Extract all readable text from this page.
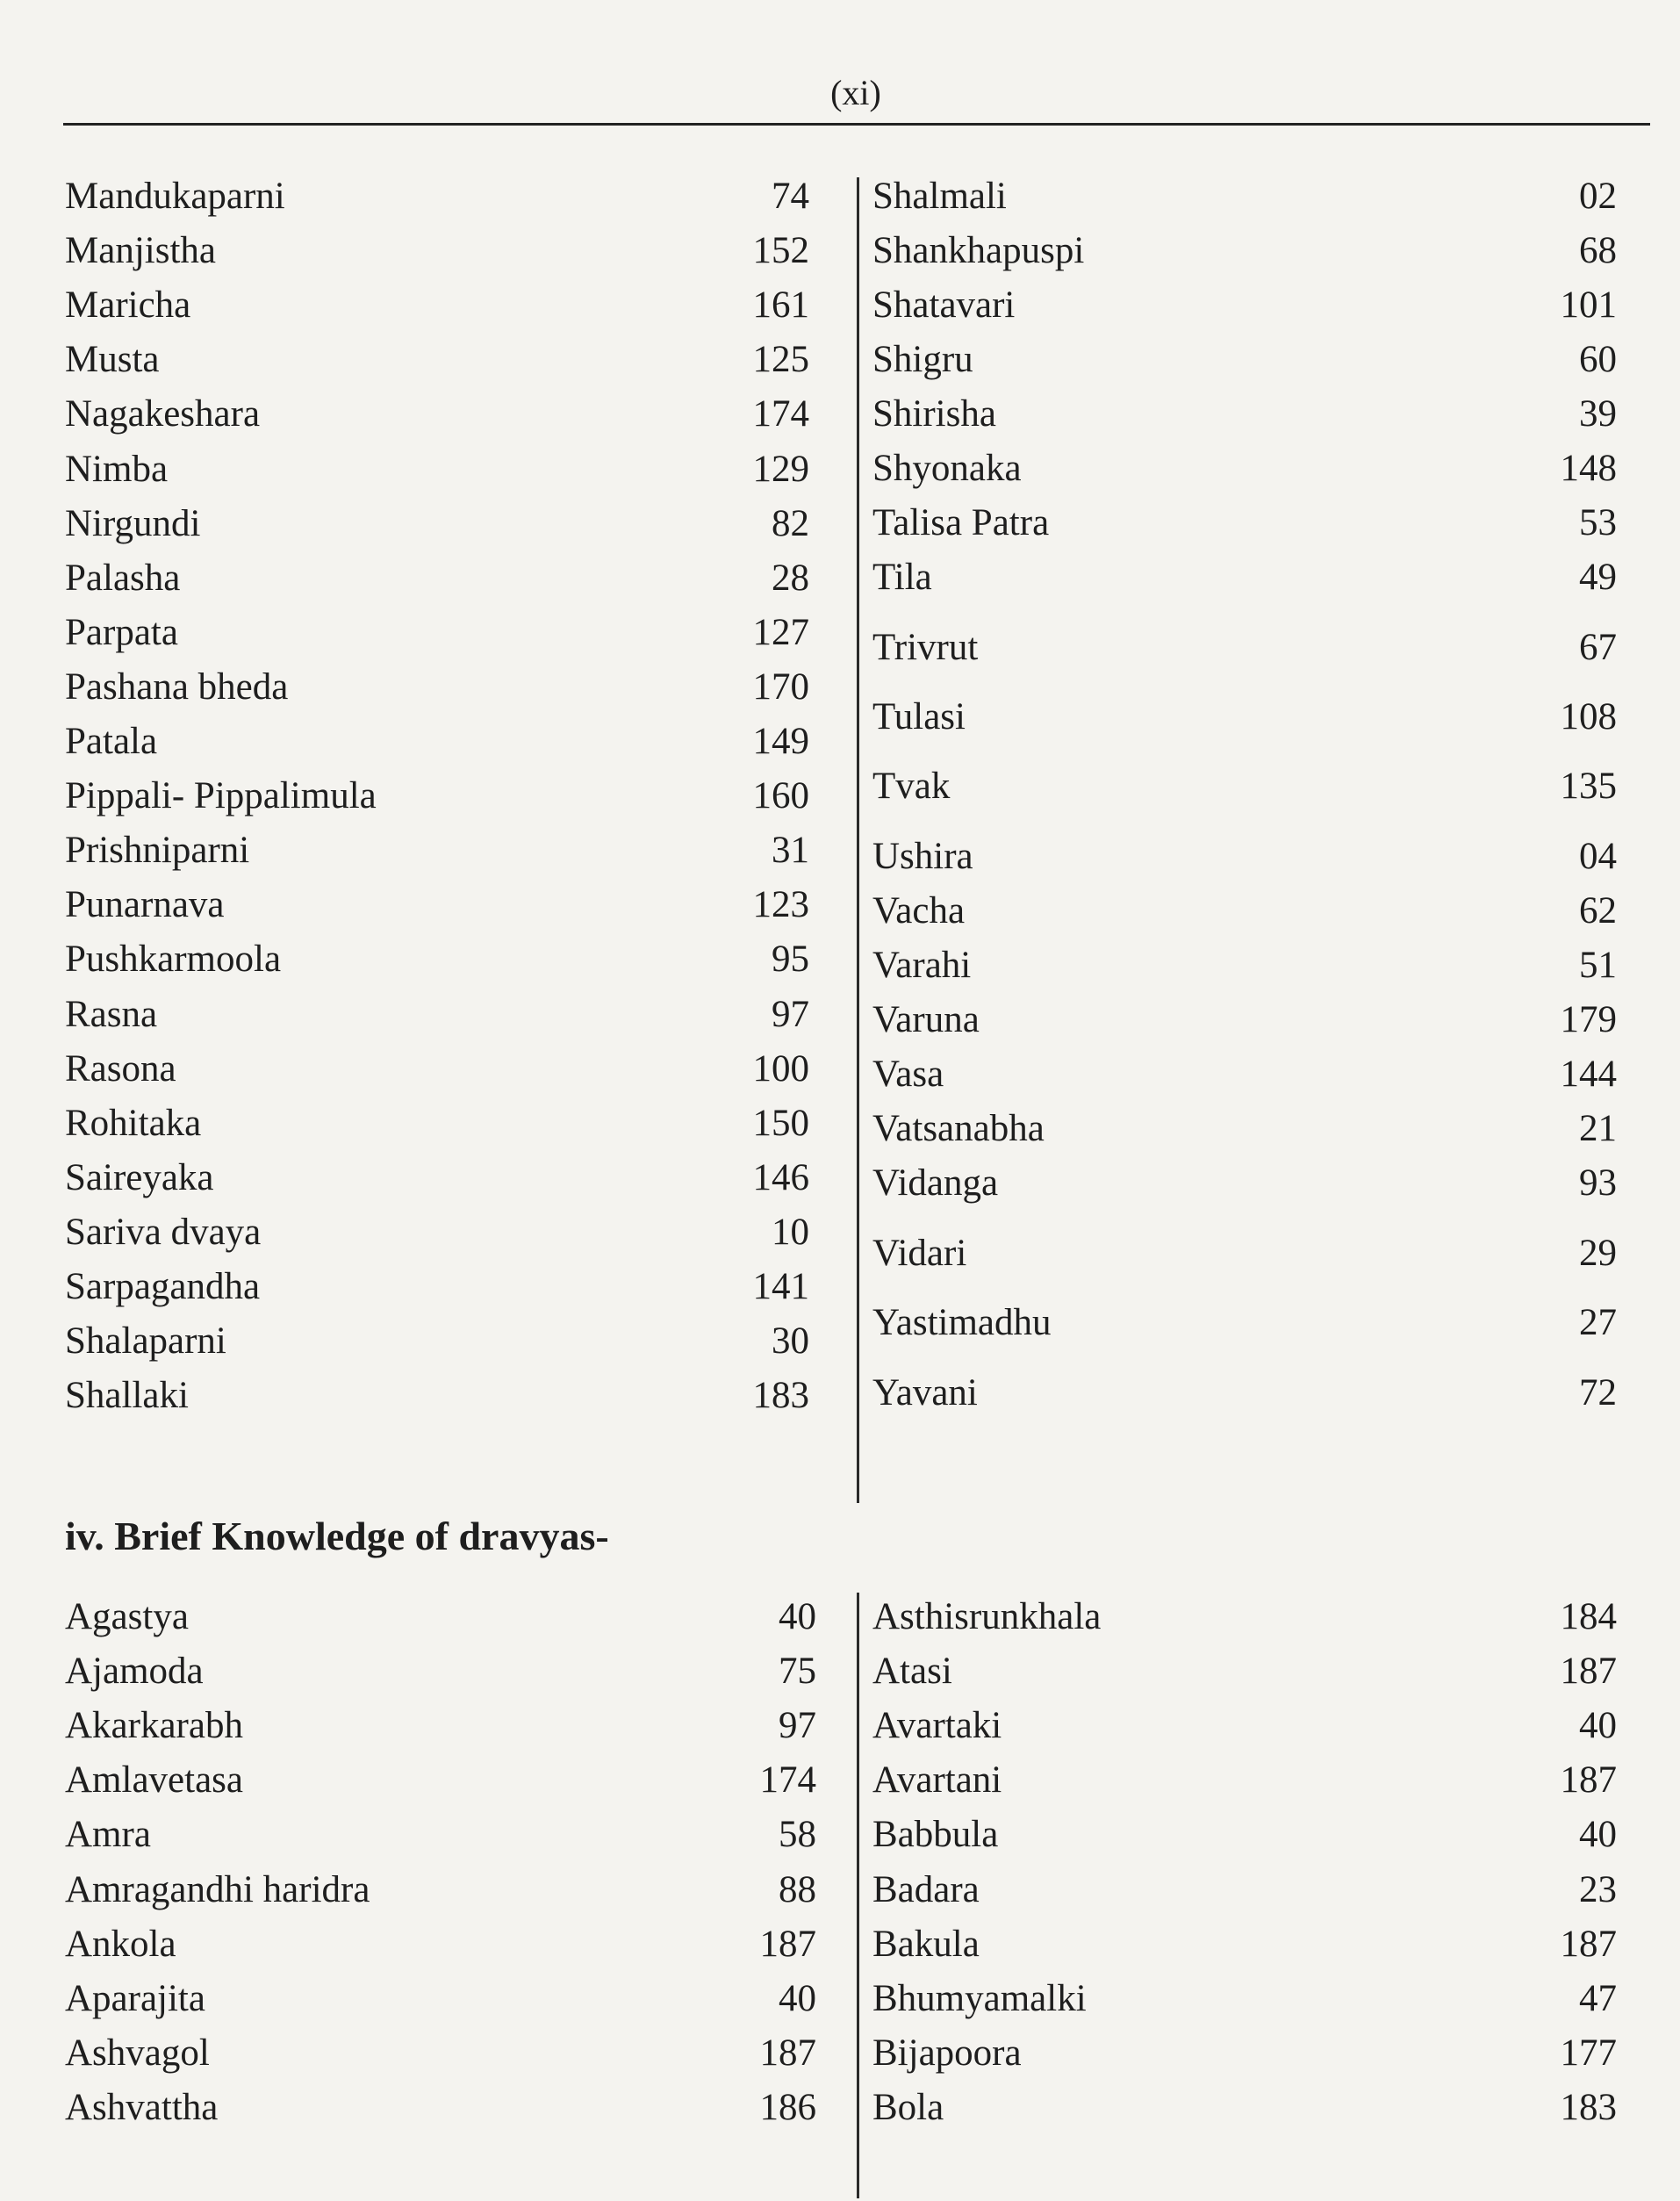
(xi)
Mandukaparni	74
Manjistha	152
Maricha	161
Musta	125
Nagakeshara	174
Nimba	129
Nirgundi	82
Palasha	28
Parpata	127
Pashana bheda	170
Patala	149
Pippali- Pippalimula	160
Prishniparni	31
Punarnava	123
Pushkarmoola	95
Rasna	97
Rasona	100
Rohitaka	150
Saireyaka	146
Sariva dvaya	10
Sarpagandha	141
Shalaparni	30
Shallaki	183
Shalmali	02
Shankhapuspi	68
Shatavari	101
Shigru	60
Shirisha	39
Shyonaka	148
Talisa Patra	53
Tila	49
Trivrut	67
Tulasi	108
Tvak	135
Ushira	04
Vacha	62
Varahi	51
Varuna	179
Vasa	144
Vatsanabha	21
Vidanga	93
Vidari	29
Yastimadhu	27
Yavani	72
iv. Brief Knowledge of dravyas-
Agastya	40
Ajamoda	75
Akarkarabh	97
Amlavetasa	174
Amra	58
Amragandhi haridra	88
Ankola	187
Aparajita	40
Ashvagol	187
Ashvattha	186
Asthisrunkhala	184
Atasi	187
Avartaki	40
Avartani	187
Babbula	40
Badara	23
Bakula	187
Bhumyamalki	47
Bijapoora	177
Bola	183
